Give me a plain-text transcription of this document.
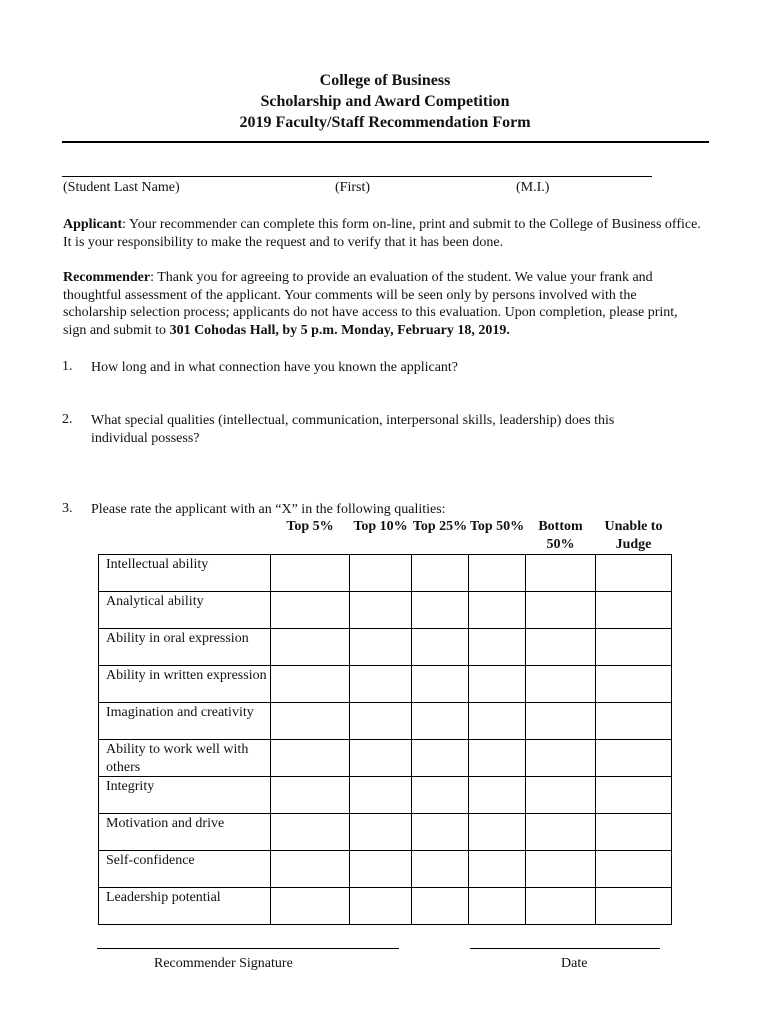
College of Business
Scholarship and Award Competition
2019 Faculty/Staff Recommendation Form
(Student Last Name)	(First)	(M.I.)
Applicant: Your recommender can complete this form on-line, print and submit to the College of Business office. It is your responsibility to make the request and to verify that it has been done.
Recommender: Thank you for agreeing to provide an evaluation of the student. We value your frank and thoughtful assessment of the applicant. Your comments will be seen only by persons involved with the scholarship selection process; applicants do not have access to this evaluation. Upon completion, please print, sign and submit to 301 Cohodas Hall, by 5 p.m. Monday, February 18, 2019.
1. How long and in what connection have you known the applicant?
2. What special qualities (intellectual, communication, interpersonal skills, leadership) does this individual possess?
3. Please rate the applicant with an “X” in the following qualities:
	Top 5%	Top 10%	Top 25%	Top 50%	Bottom 50%	Unable to Judge
Intellectual ability						
Analytical ability						
Ability in oral expression						
Ability in written expression						
Imagination and creativity						
Ability to work well with others						
Integrity						
Motivation and drive						
Self-confidence						
Leadership potential						
Recommender Signature	Date
